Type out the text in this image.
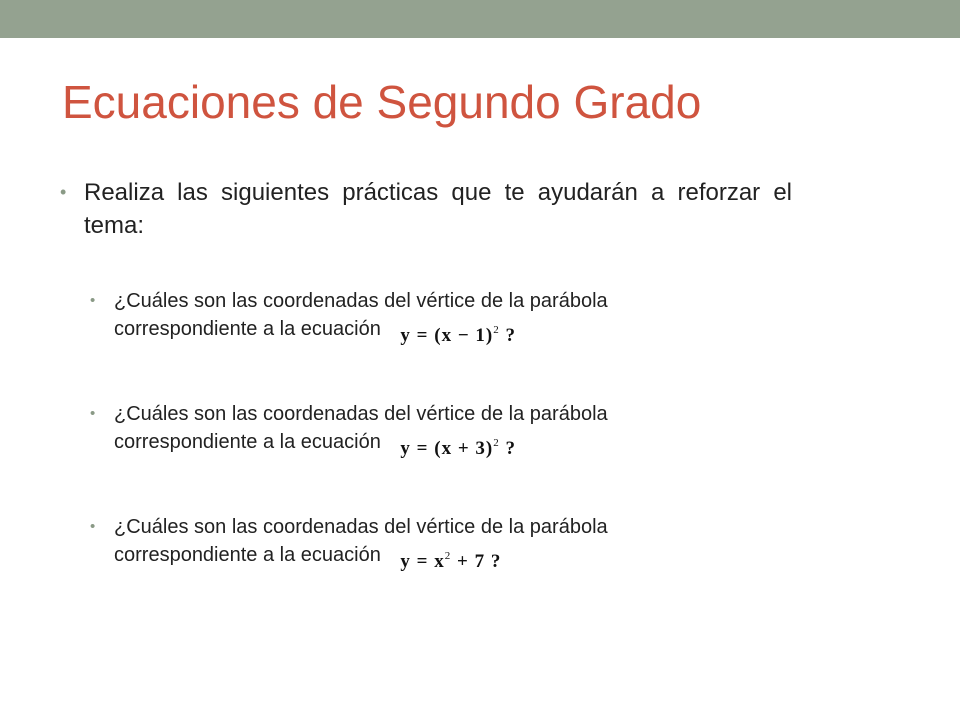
Ecuaciones de Segundo Grado
• Realiza las siguientes prácticas que te ayudarán a reforzar el tema:
• ¿Cuáles son las coordenadas del vértice de la parábola
correspondiente a la ecuación $y = (x - 1)^2$ ?
• ¿Cuáles son las coordenadas del vértice de la parábola
correspondiente a la ecuación $y = (x + 3)^2$ ?
• ¿Cuáles son las coordenadas del vértice de la parábola
correspondiente a la ecuación $y = x^2 + 7$ ?
